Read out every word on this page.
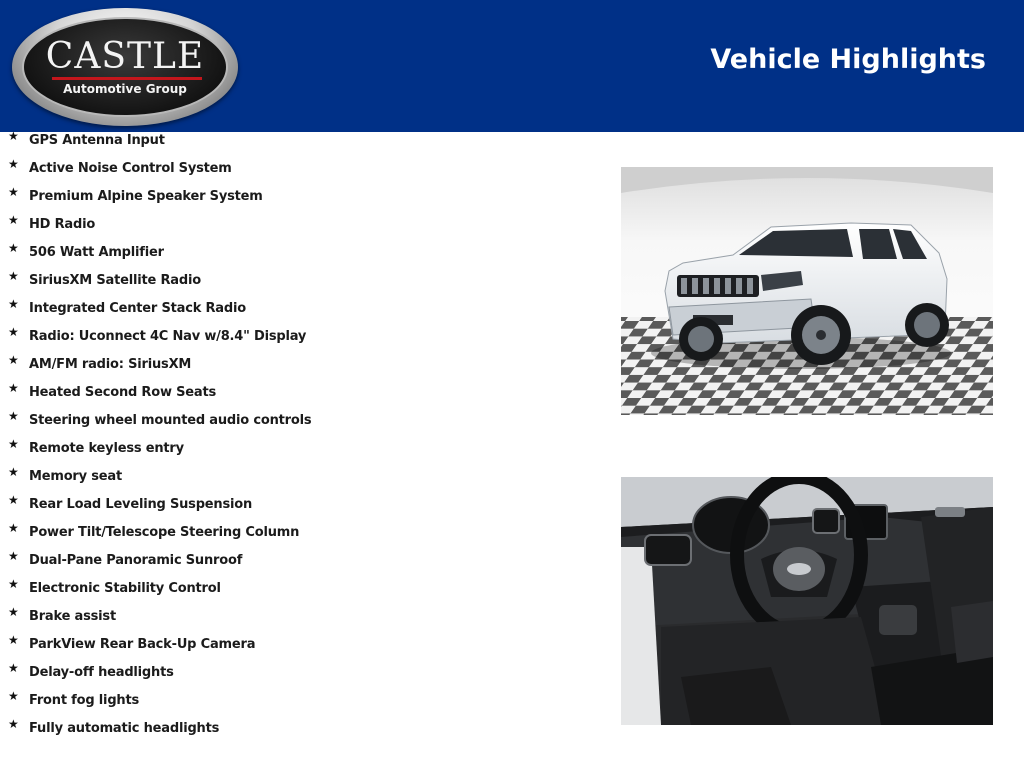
CASTLE
Automotive Group
Vehicle Highlights
★ GPS Antenna Input
★ Active Noise Control System
★ Premium Alpine Speaker System
★ HD Radio
★ 506 Watt Amplifier
★ SiriusXM Satellite Radio
★ Integrated Center Stack Radio
★ Radio: Uconnect 4C Nav w/8.4" Display
★ AM/FM radio: SiriusXM
★ Heated Second Row Seats
★ Steering wheel mounted audio controls
★ Remote keyless entry
★ Memory seat
★ Rear Load Leveling Suspension
★ Power Tilt/Telescope Steering Column
★ Dual-Pane Panoramic Sunroof
★ Electronic Stability Control
★ Brake assist
★ ParkView Rear Back-Up Camera
★ Delay-off headlights
★ Front fog lights
★ Fully automatic headlights
